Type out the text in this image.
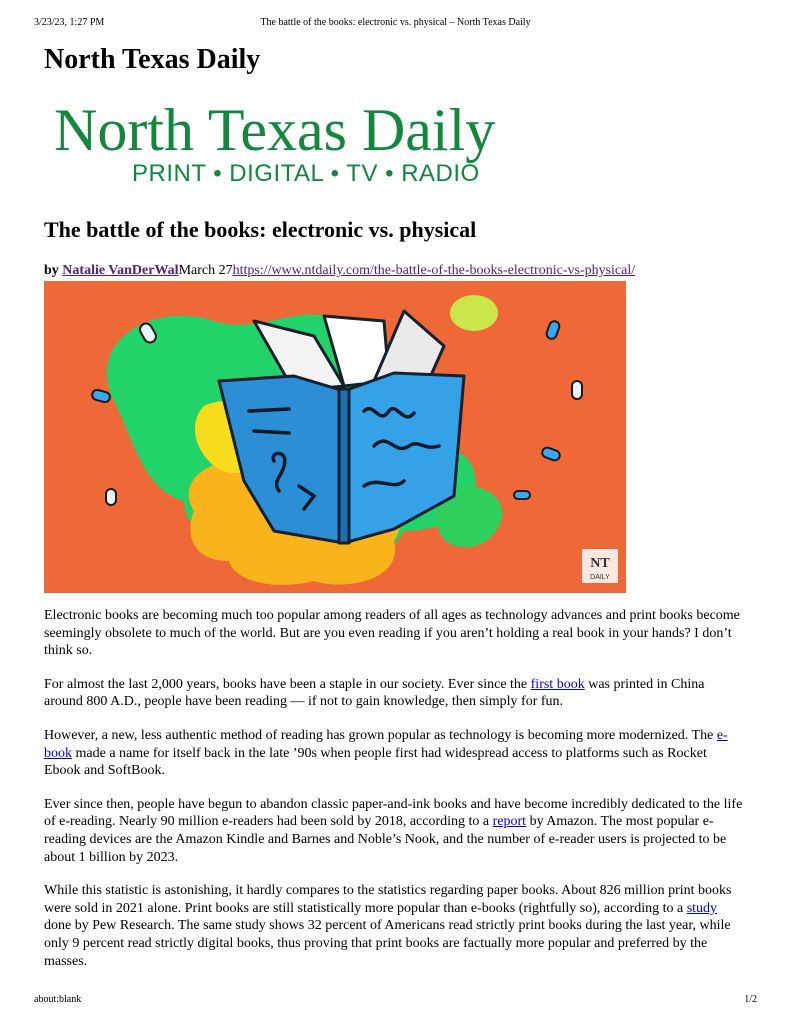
3/23/23, 1:27 PM	The battle of the books: electronic vs. physical – North Texas Daily
North Texas Daily
North Texas Daily
PRINT • DIGITAL • TV • RADIO
The battle of the books: electronic vs. physical
by Natalie VanDerWalMarch 27https://www.ntdaily.com/the-battle-of-the-books-electronic-vs-physical/
NT
DAILY

Electronic books are becoming much too popular among readers of all ages as technology advances and print books become seemingly obsolete to much of the world. But are you even reading if you aren’t holding a real book in your hands? I don’t think so.

For almost the last 2,000 years, books have been a staple in our society. Ever since the first book was printed in China around 800 A.D., people have been reading — if not to gain knowledge, then simply for fun.

However, a new, less authentic method of reading has grown popular as technology is becoming more modernized. The e-book made a name for itself back in the late ’90s when people first had widespread access to platforms such as Rocket Ebook and SoftBook.

Ever since then, people have begun to abandon classic paper-and-ink books and have become incredibly dedicated to the life of e-reading. Nearly 90 million e-readers had been sold by 2018, according to a report by Amazon. The most popular e-reading devices are the Amazon Kindle and Barnes and Noble’s Nook, and the number of e-reader users is projected to be about 1 billion by 2023.

While this statistic is astonishing, it hardly compares to the statistics regarding paper books. About 826 million print books were sold in 2021 alone. Print books are still statistically more popular than e-books (rightfully so), according to a study done by Pew Research. The same study shows 32 percent of Americans read strictly print books during the last year, while only 9 percent read strictly digital books, thus proving that print books are factually more popular and preferred by the masses.

about:blank	1/2
